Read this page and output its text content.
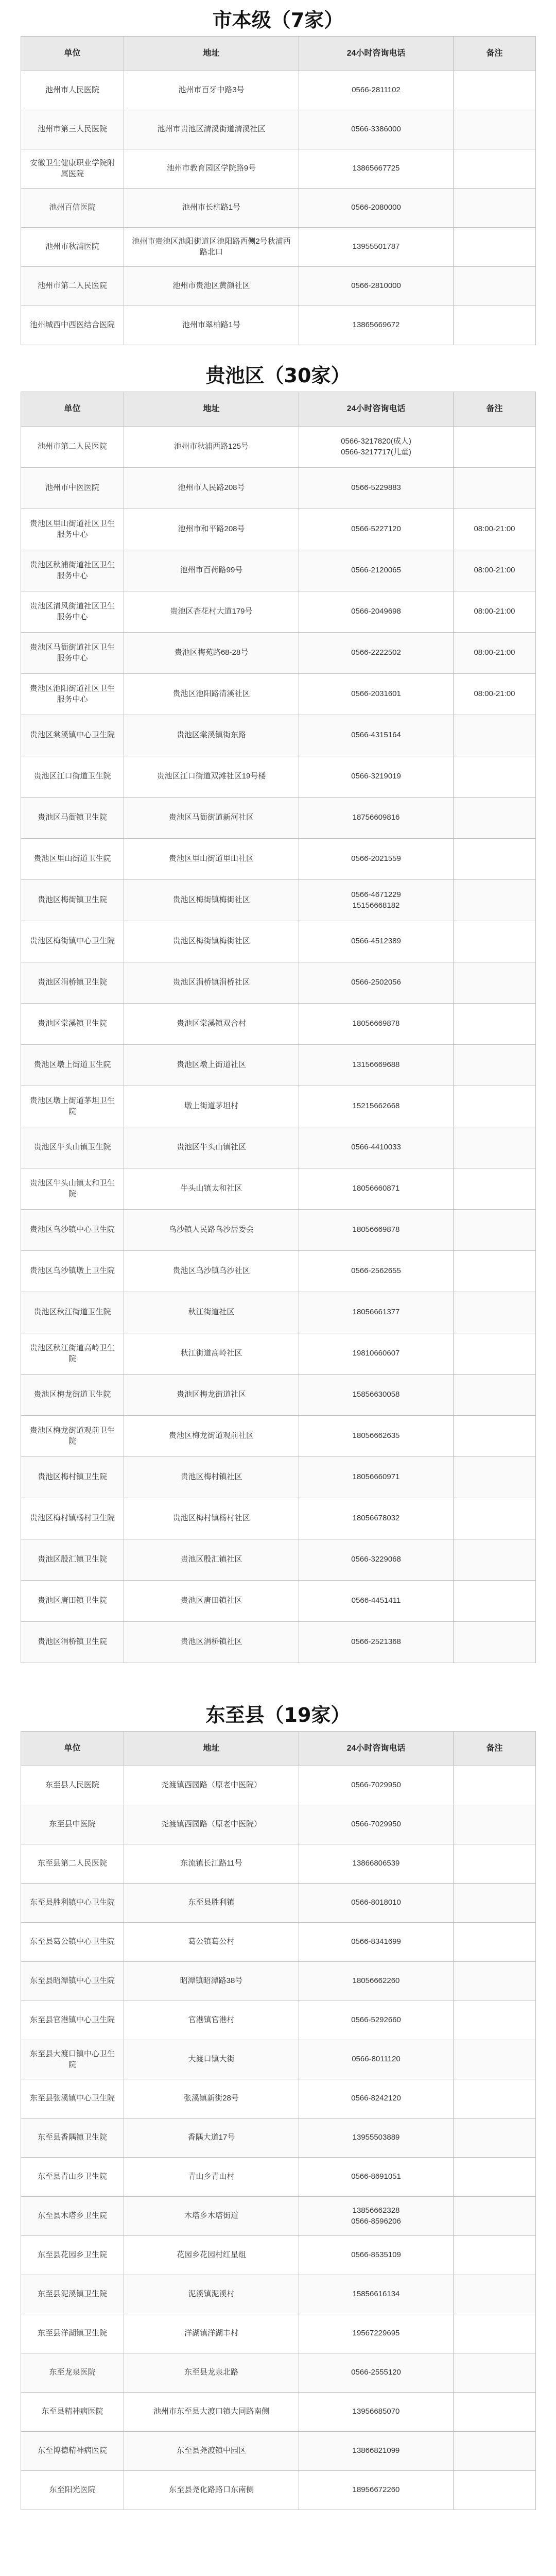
市本级（7家）
单位	地址	24小时咨询电话	备注
池州市人民医院	池州市百牙中路3号	0566-2811102	
池州市第三人民医院	池州市贵池区清溪街道清溪社区	0566-3386000	
安徽卫生健康职业学院附属医院	池州市教育园区学院路9号	13865667725	
池州百信医院	池州市长杭路1号	0566-2080000	
池州市秋浦医院	池州市贵池区池阳街道区池阳路西侧2号秋浦西路北口	13955501787	
池州市第二人民医院	池州市贵池区黄颜社区	0566-2810000	
池州城西中西医结合医院	池州市翠柏路1号	13865669672	
贵池区（30家）
单位	地址	24小时咨询电话	备注
池州市第二人民医院	池州市秋浦西路125号	0566-3217820(成人)
0566-3217717(儿童)	
池州市中医医院	池州市人民路208号	0566-5229883	
贵池区里山街道社区卫生服务中心	池州市和平路208号	0566-5227120	08:00-21:00
贵池区秋浦街道社区卫生服务中心	池州市百荷路99号	0566-2120065	08:00-21:00
贵池区清风街道社区卫生服务中心	贵池区杏花村大道179号	0566-2049698	08:00-21:00
贵池区马衙街道社区卫生服务中心	贵池区梅苑路68-28号	0566-2222502	08:00-21:00
贵池区池阳街道社区卫生服务中心	贵池区池阳路清溪社区	0566-2031601	08:00-21:00
贵池区棠溪镇中心卫生院	贵池区棠溪镇街东路	0566-4315164	
贵池区江口街道卫生院	贵池区江口街道双滩社区19号楼	0566-3219019	
贵池区马衙镇卫生院	贵池区马衙街道新河社区	18756609816	
贵池区里山街道卫生院	贵池区里山街道里山社区	0566-2021559	
贵池区梅街镇卫生院	贵池区梅街镇梅街社区	0566-4671229
15156668182	
贵池区梅街镇中心卫生院	贵池区梅街镇梅街社区	0566-4512389	
贵池区涓桥镇卫生院	贵池区涓桥镇涓桥社区	0566-2502056	
贵池区棠溪镇卫生院	贵池区棠溪镇双合村	18056669878	
贵池区墩上街道卫生院	贵池区墩上街道社区	13156669688	
贵池区墩上街道茅坦卫生院	墩上街道茅坦村	15215662668	
贵池区牛头山镇卫生院	贵池区牛头山镇社区	0566-4410033	
贵池区牛头山镇太和卫生院	牛头山镇太和社区	18056660871	
贵池区乌沙镇中心卫生院	乌沙镇人民路乌沙居委会	18056669878	
贵池区乌沙镇墩上卫生院	贵池区乌沙镇乌沙社区	0566-2562655	
贵池区秋江街道卫生院	秋江街道社区	18056661377	
贵池区秋江街道高岭卫生院	秋江街道高岭社区	19810660607	
贵池区梅龙街道卫生院	贵池区梅龙街道社区	15856630058	
贵池区梅龙街道观前卫生院	贵池区梅龙街道观前社区	18056662635	
贵池区梅村镇卫生院	贵池区梅村镇社区	18056660971	
贵池区梅村镇杨村卫生院	贵池区梅村镇杨村社区	18056678032	
贵池区殷汇镇卫生院	贵池区殷汇镇社区	0566-3229068	
贵池区唐田镇卫生院	贵池区唐田镇社区	0566-4451411	
贵池区涓桥镇卫生院	贵池区涓桥镇社区	0566-2521368	
东至县（19家）
单位	地址	24小时咨询电话	备注
东至县人民医院	尧渡镇西园路（原老中医院）	0566-7029950	
东至县中医院	尧渡镇西园路（原老中医院）	0566-7029950	
东至县第二人民医院	东流镇长江路11号	13866806539	
东至县胜利镇中心卫生院	东至县胜利镇	0566-8018010	
东至县葛公镇中心卫生院	葛公镇葛公村	0566-8341699	
东至县昭潭镇中心卫生院	昭潭镇昭潭路38号	18056662260	
东至县官港镇中心卫生院	官港镇官港村	0566-5292660	
东至县大渡口镇中心卫生院	大渡口镇大街	0566-8011120	
东至县张溪镇中心卫生院	张溪镇新街28号	0566-8242120	
东至县香隅镇卫生院	香隅大道17号	13955503889	
东至县青山乡卫生院	青山乡青山村	0566-8691051	
东至县木塔乡卫生院	木塔乡木塔街道	13856662328
0566-8596206	
东至县花园乡卫生院	花园乡花园村红星组	0566-8535109	
东至县泥溪镇卫生院	泥溪镇泥溪村	15856616134	
东至县洋湖镇卫生院	洋湖镇洋湖丰村	19567229695	
东至龙泉医院	东至县龙泉北路	0566-2555120	
东至县精神病医院	池州市东至县大渡口镇大同路南侧	13956685070	
东至博德精神病医院	东至县尧渡镇中园区	13866821099	
东至阳光医院	东至县尧化路路口东南侧	18956672260	
